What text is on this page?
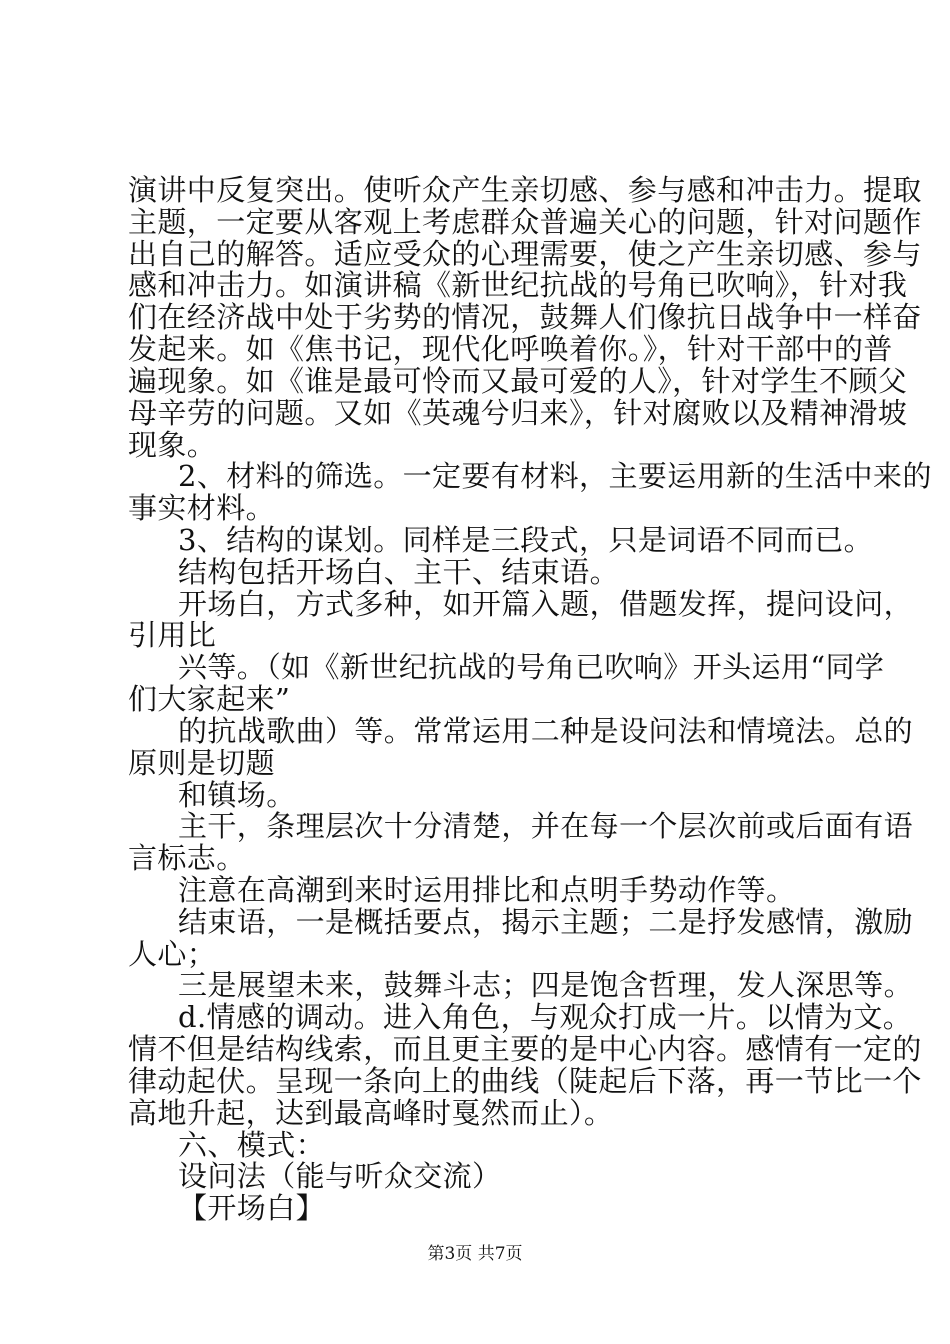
演讲中反复突出。使听众产生亲切感、参与感和冲击力。提取
主题，一定要从客观上考虑群众普遍关心的问题，针对问题作
出自己的解答。适应受众的心理需要，使之产生亲切感、参与
感和冲击力。如演讲稿《新世纪抗战的号角已吹响》，针对我
们在经济战中处于劣势的情况，鼓舞人们像抗日战争中一样奋
发起来。如《焦书记，现代化呼唤着你。》，针对干部中的普
遍现象。如《谁是最可怜而又最可爱的人》，针对学生不顾父
母辛劳的问题。又如《英魂兮归来》，针对腐败以及精神滑坡
现象。
2、材料的筛选。一定要有材料，主要运用新的生活中来的
事实材料。
3、结构的谋划。同样是三段式，只是词语不同而已。
结构包括开场白、主干、结束语。
开场白，方式多种，如开篇入题，借题发挥，提问设问，
引用比
兴等。（如《新世纪抗战的号角已吹响》开头运用“同学
们大家起来”
的抗战歌曲）等。常常运用二种是设问法和情境法。总的
原则是切题
和镇场。
主干，条理层次十分清楚，并在每一个层次前或后面有语
言标志。
注意在高潮到来时运用排比和点明手势动作等。
结束语，一是概括要点，揭示主题；二是抒发感情，激励
人心；
三是展望未来，鼓舞斗志；四是饱含哲理，发人深思等。
d.情感的调动。进入角色，与观众打成一片。以情为文。
情不但是结构线索，而且更主要的是中心内容。感情有一定的
律动起伏。呈现一条向上的曲线（陡起后下落，再一节比一个
高地升起，达到最高峰时戛然而止）。
六、模式：
设问法（能与听众交流）
【开场白】
第3页 共7页
